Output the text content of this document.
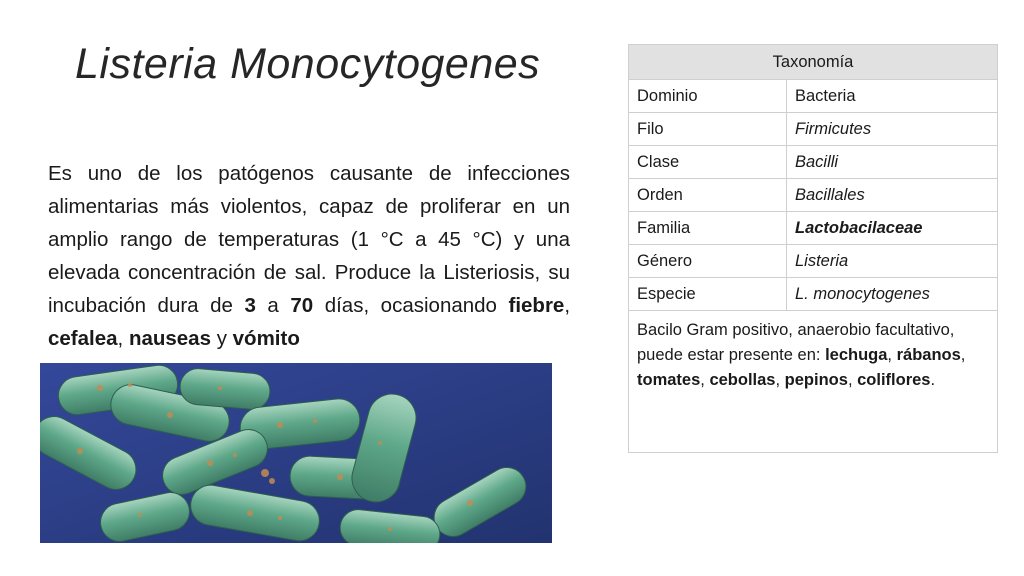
Listeria Monocytogenes

Es uno de los patógenos causante de infecciones alimentarias más violentos, capaz de proliferar en un amplio rango de temperaturas (1 °C a 45 °C) y una elevada concentración de sal. Produce la Listeriosis, su incubación dura de 3 a 70 días, ocasionando fiebre, cefalea, nauseas y vómito

Taxonomía	
Dominio	Bacteria
Filo	Firmicutes
Clase	Bacilli
Orden	Bacillales
Familia	Lactobacilaceae
Género	Listeria
Especie	L. monocytogenes
Bacilo Gram positivo, anaerobio facultativo, puede estar presente en: lechuga, rábanos, tomates, cebollas, pepinos, coliflores.	
